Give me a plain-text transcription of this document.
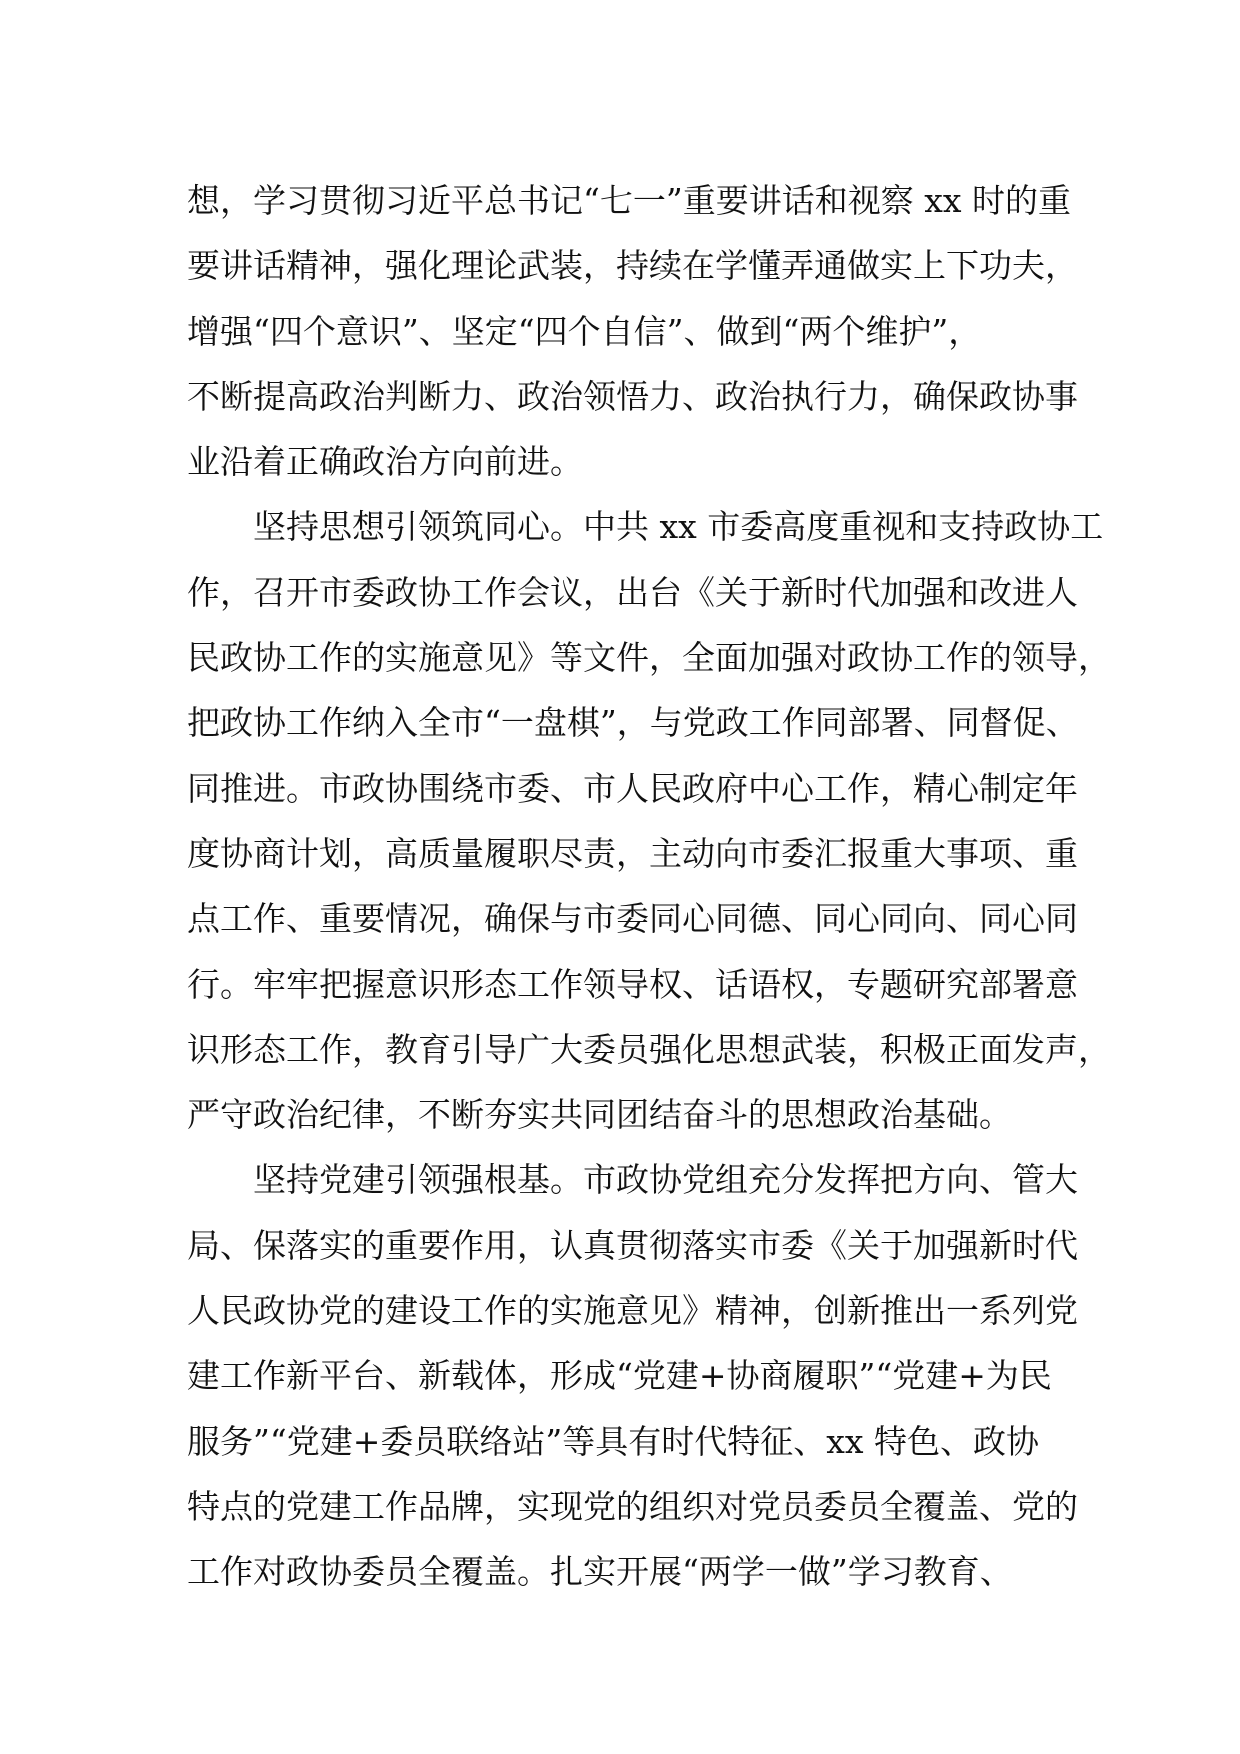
想，学习贯彻习近平总书记“七一”重要讲话和视察 xx 时的重
要讲话精神，强化理论武装，持续在学懂弄通做实上下功夫，
增强“四个意识”、坚定“四个自信”、做到“两个维护”，
不断提高政治判断力、政治领悟力、政治执行力，确保政协事
业沿着正确政治方向前进。
坚持思想引领筑同心。中共 xx 市委高度重视和支持政协工
作，召开市委政协工作会议，出台《关于新时代加强和改进人
民政协工作的实施意见》等文件，全面加强对政协工作的领导，
把政协工作纳入全市“一盘棋”，与党政工作同部署、同督促、
同推进。市政协围绕市委、市人民政府中心工作，精心制定年
度协商计划，高质量履职尽责，主动向市委汇报重大事项、重
点工作、重要情况，确保与市委同心同德、同心同向、同心同
行。牢牢把握意识形态工作领导权、话语权，专题研究部署意
识形态工作，教育引导广大委员强化思想武装，积极正面发声，
严守政治纪律，不断夯实共同团结奋斗的思想政治基础。
坚持党建引领强根基。市政协党组充分发挥把方向、管大
局、保落实的重要作用，认真贯彻落实市委《关于加强新时代
人民政协党的建设工作的实施意见》精神，创新推出一系列党
建工作新平台、新载体，形成“党建+协商履职”“党建+为民
服务”“党建+委员联络站”等具有时代特征、xx 特色、政协
特点的党建工作品牌，实现党的组织对党员委员全覆盖、党的
工作对政协委员全覆盖。扎实开展“两学一做”学习教育、
